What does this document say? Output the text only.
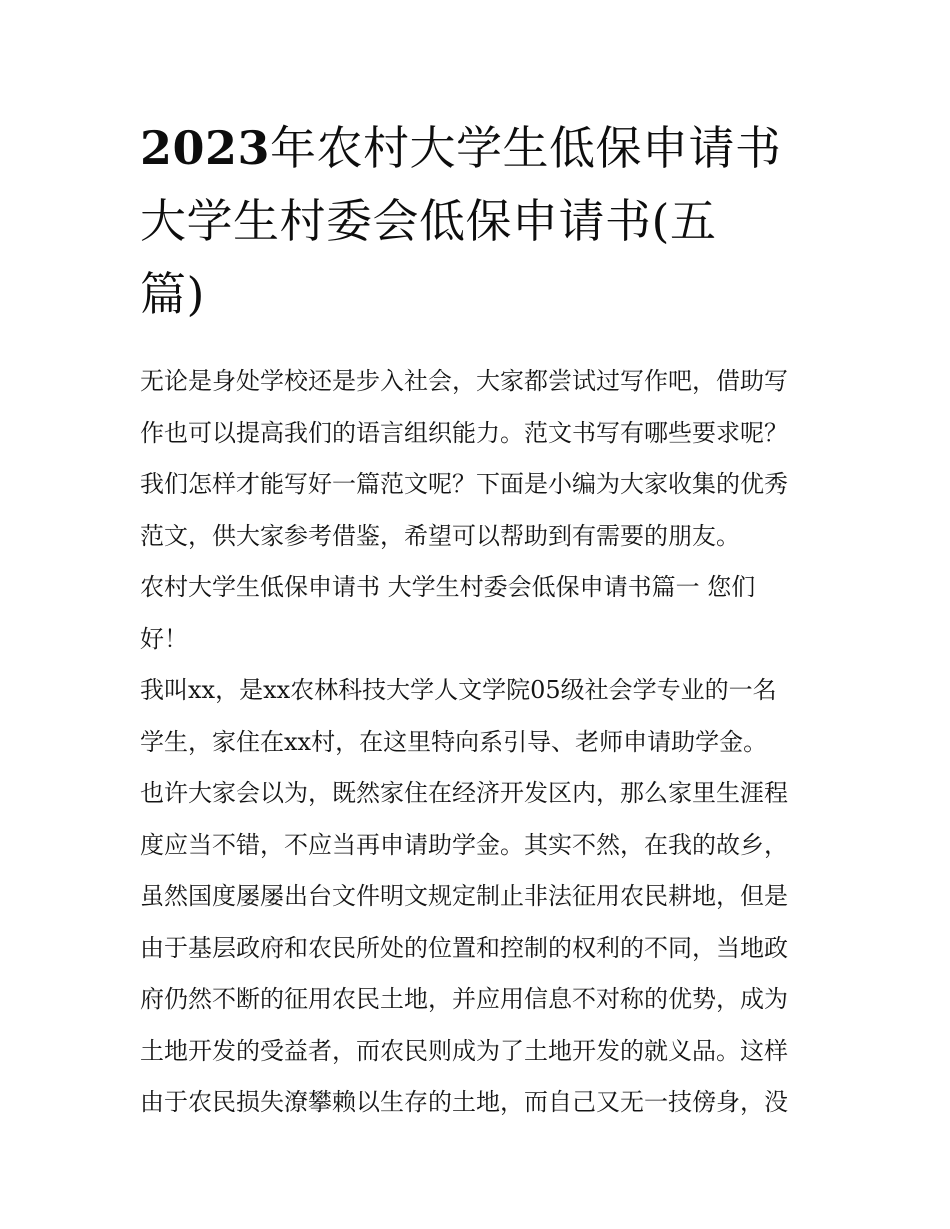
2023年农村大学生低保申请书
大学生村委会低保申请书(五
篇)
无论是身处学校还是步入社会，大家都尝试过写作吧，借助写
作也可以提高我们的语言组织能力。范文书写有哪些要求呢？
我们怎样才能写好一篇范文呢？下面是小编为大家收集的优秀
范文，供大家参考借鉴，希望可以帮助到有需要的朋友。
农村大学生低保申请书 大学生村委会低保申请书篇一 您们
好！
我叫xx，是xx农林科技大学人文学院05级社会学专业的一名
学生，家住在xx村，在这里特向系引导、老师申请助学金。
也许大家会以为，既然家住在经济开发区内，那么家里生涯程
度应当不错，不应当再申请助学金。其实不然，在我的故乡，
虽然国度屡屡出台文件明文规定制止非法征用农民耕地，但是
由于基层政府和农民所处的位置和控制的权利的不同，当地政
府仍然不断的征用农民土地，并应用信息不对称的优势，成为
土地开发的受益者，而农民则成为了土地开发的就义品。这样
由于农民损失潦攀赖以生存的土地，而自己又无一技傍身，没
